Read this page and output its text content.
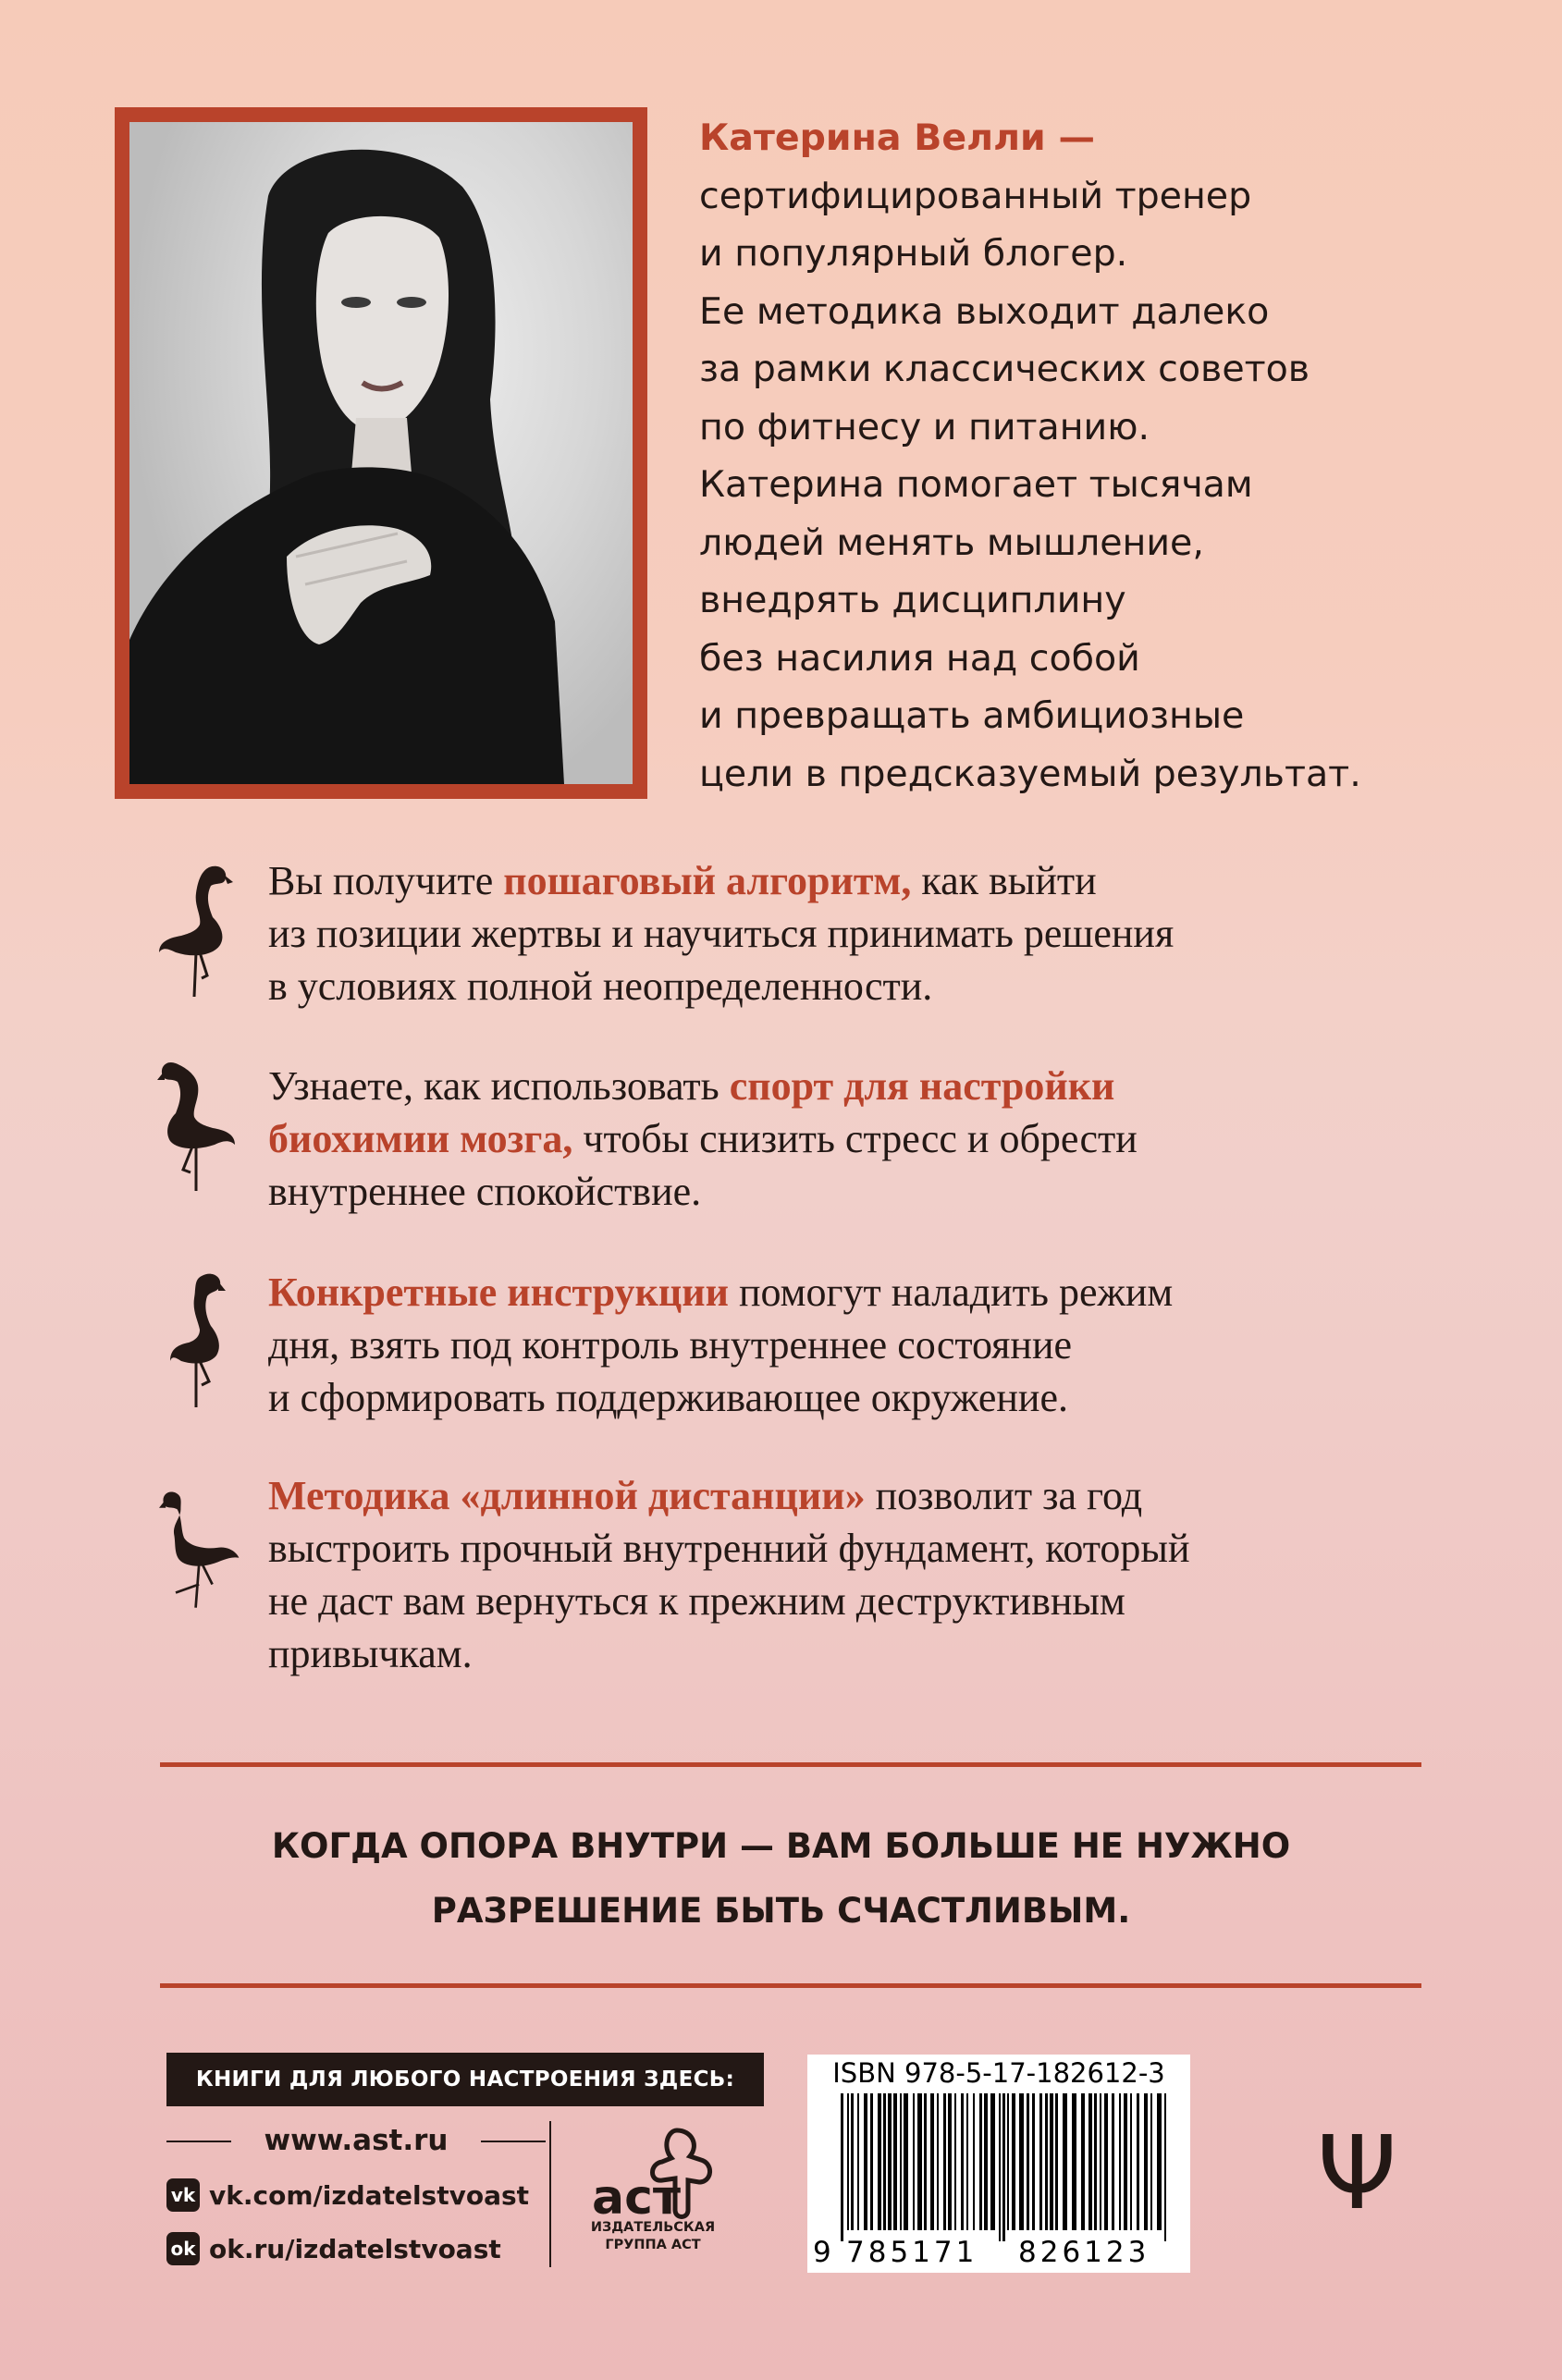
Катерина Велли —
сертифицированный тренер
и популярный блогер.
Ее методика выходит далеко
за рамки классических советов
по фитнесу и питанию.
Катерина помогает тысячам
людей менять мышление,
внедрять дисциплину
без насилия над собой
и превращать амбициозные
цели в предсказуемый результат.
Вы получите пошаговый алгоритм, как выйти
из позиции жертвы и научиться принимать решения
в условиях полной неопределенности.
Узнаете, как использовать спорт для настройки
биохимии мозга, чтобы снизить стресс и обрести
внутреннее спокойствие.
Конкретные инструкции помогут наладить режим
дня, взять под контроль внутреннее состояние
и сформировать поддерживающее окружение.
Методика «длинной дистанции» позволит за год
выстроить прочный внутренний фундамент, который
не даст вам вернуться к прежним деструктивным
привычкам.
КОГДА ОПОРА ВНУТРИ — ВАМ БОЛЬШЕ НЕ НУЖНО
РАЗРЕШЕНИЕ БЫТЬ СЧАСТЛИВЫМ.
КНИГИ ДЛЯ ЛЮБОГО НАСТРОЕНИЯ ЗДЕСЬ:
www.ast.ru
vk vk.com/izdatelstvoast
ok ok.ru/izdatelstvoast
аст
ИЗДАТЕЛЬСКАЯ
ГРУППА АСТ
ISBN 978-5-17-182612-3
9 785171 826123
Ψ
